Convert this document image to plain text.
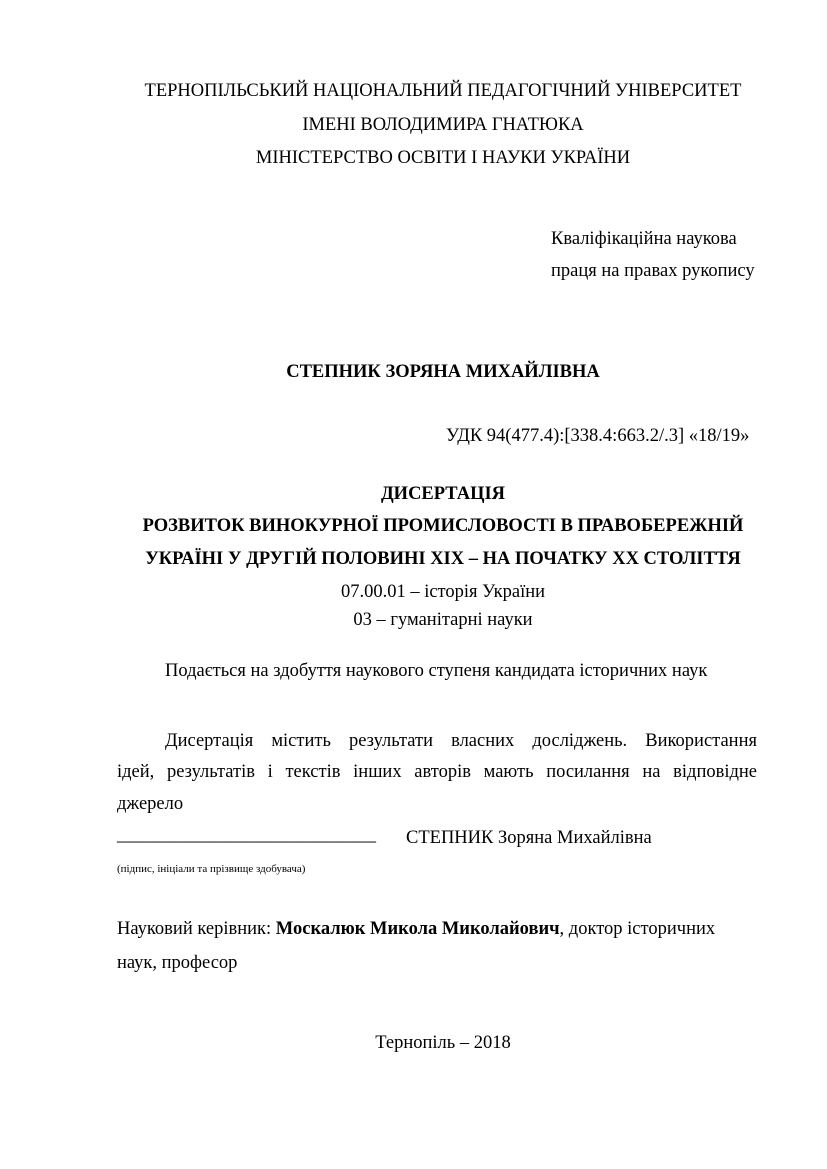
ТЕРНОПІЛЬСЬКИЙ НАЦІОНАЛЬНИЙ ПЕДАГОГІЧНИЙ УНІВЕРСИТЕТ
ІМЕНІ ВОЛОДИМИРА ГНАТЮКА
МІНІСТЕРСТВО ОСВІТИ І НАУКИ УКРАЇНИ
Кваліфікаційна наукова
праця на правах рукопису
СТЕПНИК ЗОРЯНА МИХАЙЛІВНА
УДК 94(477.4):[338.4:663.2/.3] «18/19»
ДИСЕРТАЦІЯ
РОЗВИТОК ВИНОКУРНОЇ ПРОМИСЛОВОСТІ В ПРАВОБЕРЕЖНІЙ
УКРАЇНІ У ДРУГІЙ ПОЛОВИНІ ХІХ – НА ПОЧАТКУ ХХ СТОЛІТТЯ
07.00.01 – історія України
03 – гуманітарні науки
Подається на здобуття наукового ступеня кандидата історичних наук
Дисертація містить результати власних досліджень. Використання
ідей, результатів і текстів інших авторів мають посилання на відповідне
джерело
____________________________ СТЕПНИК Зоряна Михайлівна
(підпис, ініціали та прізвище здобувача)
Науковий керівник: Москалюк Микола Миколайович, доктор історичних
наук, професор
Тернопіль – 2018
